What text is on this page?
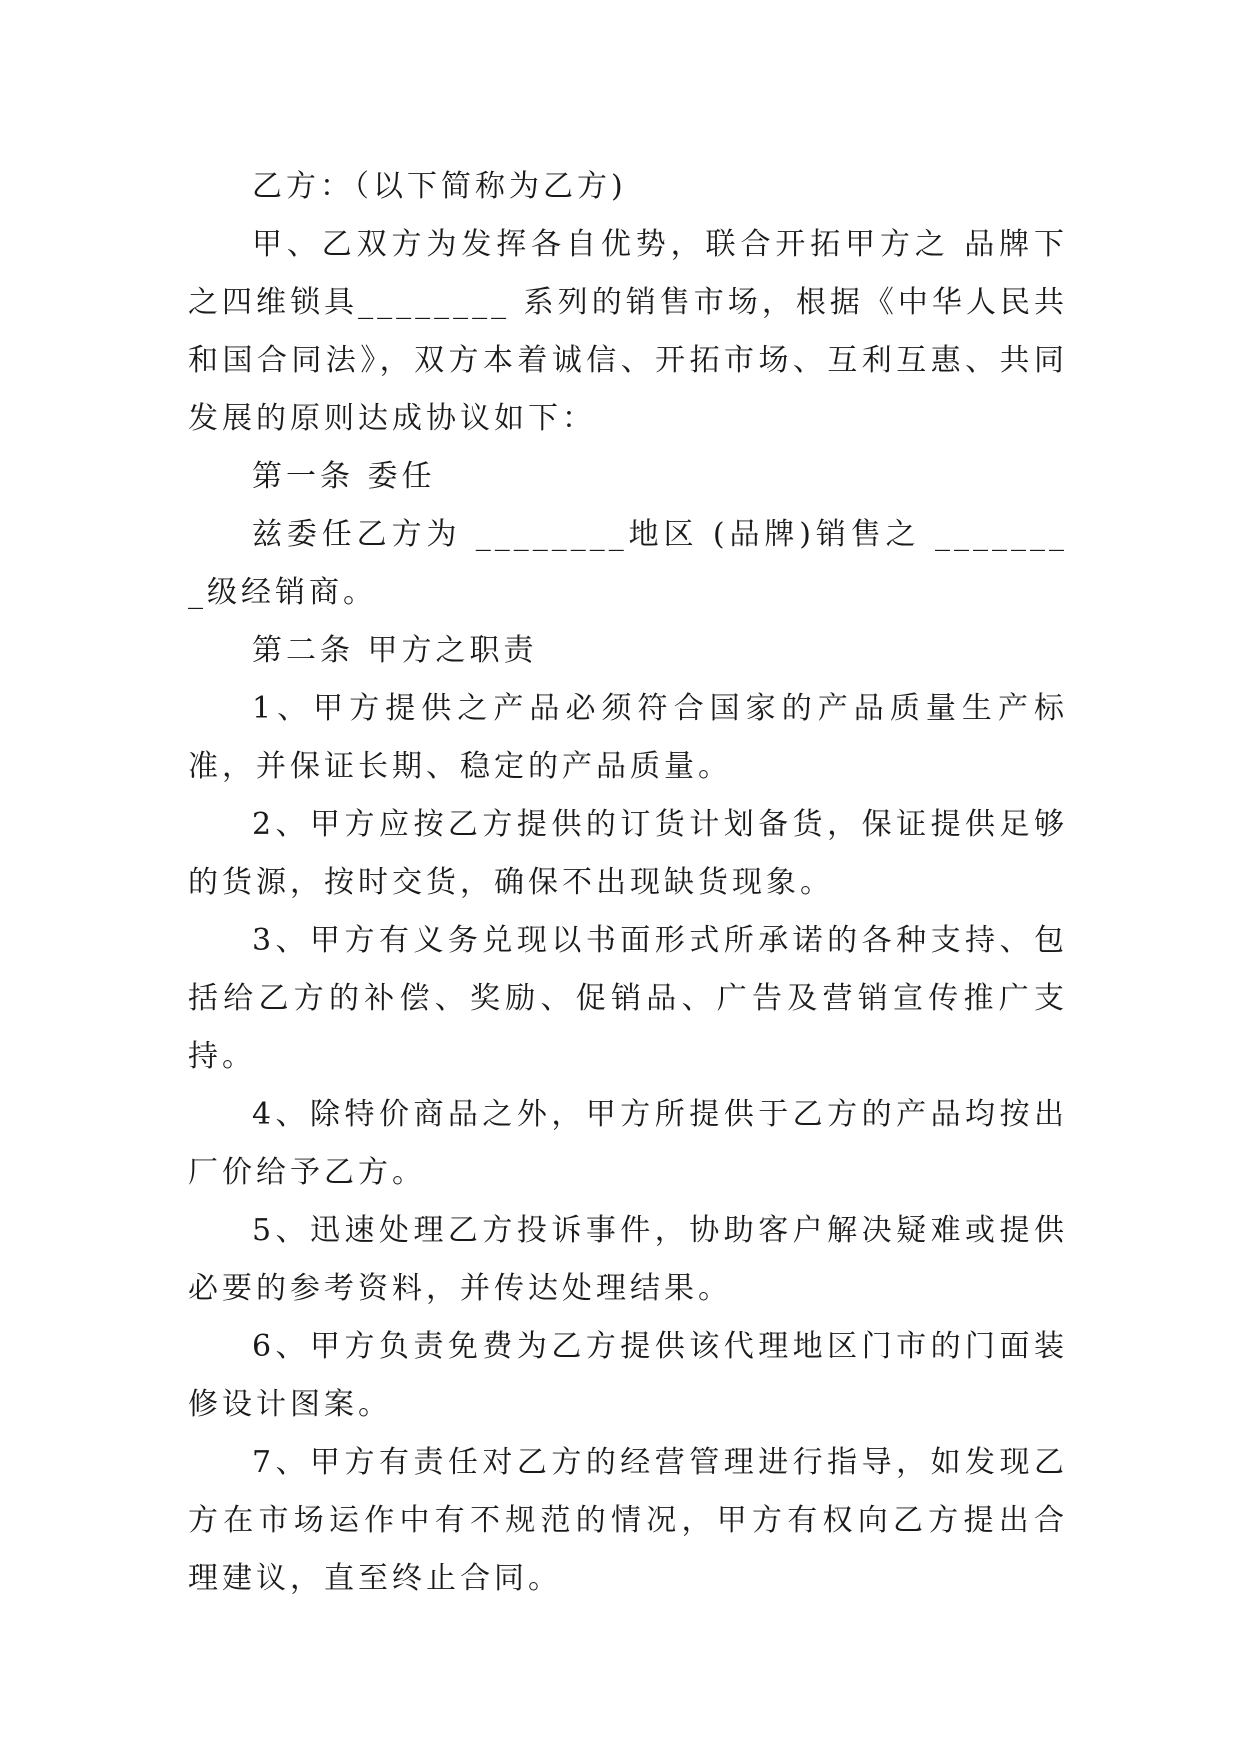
乙方：（以下简称为乙方)

甲、乙双方为发挥各自优势，联合开拓甲方之 品牌下之四维锁具________ 系列的销售市场，根据《中华人民共和国合同法》，双方本着诚信、开拓市场、互利互惠、共同发展的原则达成协议如下：

第一条 委任

兹委任乙方为 ________地区 (品牌)销售之 ________级经销商。

第二条 甲方之职责

1、甲方提供之产品必须符合国家的产品质量生产标准，并保证长期、稳定的产品质量。

2、甲方应按乙方提供的订货计划备货，保证提供足够的货源，按时交货，确保不出现缺货现象。

3、甲方有义务兑现以书面形式所承诺的各种支持、包括给乙方的补偿、奖励、促销品、广告及营销宣传推广支持。

4、除特价商品之外，甲方所提供于乙方的产品均按出厂价给予乙方。

5、迅速处理乙方投诉事件，协助客户解决疑难或提供必要的参考资料，并传达处理结果。

6、甲方负责免费为乙方提供该代理地区门市的门面装修设计图案。

7、甲方有责任对乙方的经营管理进行指导，如发现乙方在市场运作中有不规范的情况，甲方有权向乙方提出合理建议，直至终止合同。
